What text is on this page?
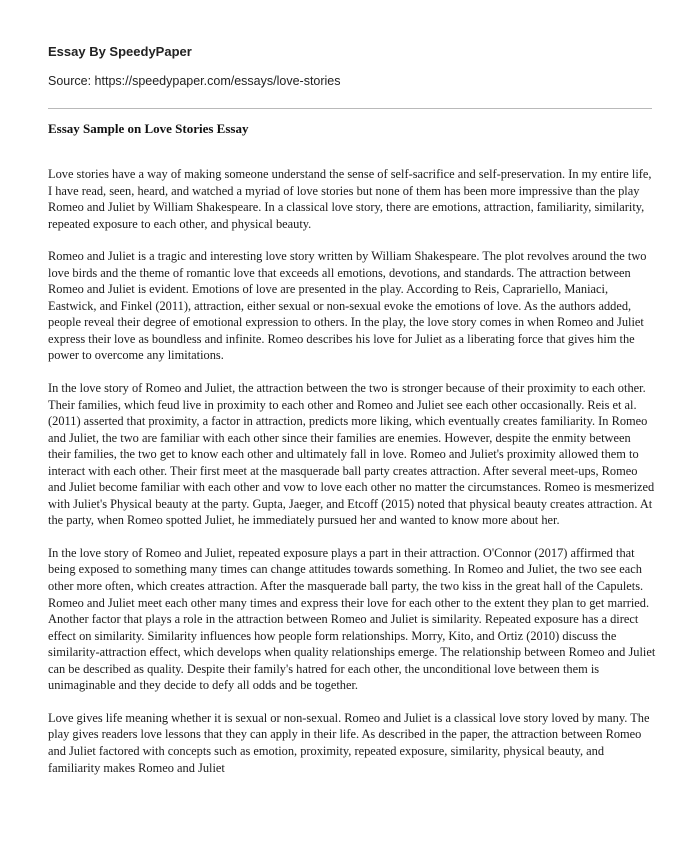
Essay By SpeedyPaper

Source: https://speedypaper.com/essays/love-stories

Essay Sample on Love Stories Essay

Love stories have a way of making someone understand the sense of self-sacrifice and self-preservation. In my entire life, I have read, seen, heard, and watched a myriad of love stories but none of them has been more impressive than the play Romeo and Juliet by William Shakespeare. In a classical love story, there are emotions, attraction, familiarity, similarity, repeated exposure to each other, and physical beauty.

Romeo and Juliet is a tragic and interesting love story written by William Shakespeare. The plot revolves around the two love birds and the theme of romantic love that exceeds all emotions, devotions, and standards. The attraction between Romeo and Juliet is evident. Emotions of love are presented in the play. According to Reis, Caprariello, Maniaci, Eastwick, and Finkel (2011), attraction, either sexual or non-sexual evoke the emotions of love. As the authors added, people reveal their degree of emotional expression to others. In the play, the love story comes in when Romeo and Juliet express their love as boundless and infinite. Romeo describes his love for Juliet as a liberating force that gives him the power to overcome any limitations.

In the love story of Romeo and Juliet, the attraction between the two is stronger because of their proximity to each other. Their families, which feud live in proximity to each other and Romeo and Juliet see each other occasionally. Reis et al. (2011) asserted that proximity, a factor in attraction, predicts more liking, which eventually creates familiarity. In Romeo and Juliet, the two are familiar with each other since their families are enemies. However, despite the enmity between their families, the two get to know each other and ultimately fall in love. Romeo and Juliet's proximity allowed them to interact with each other. Their first meet at the masquerade ball party creates attraction. After several meet-ups, Romeo and Juliet become familiar with each other and vow to love each other no matter the circumstances. Romeo is mesmerized with Juliet's Physical beauty at the party. Gupta, Jaeger, and Etcoff (2015) noted that physical beauty creates attraction. At the party, when Romeo spotted Juliet, he immediately pursued her and wanted to know more about her.

In the love story of Romeo and Juliet, repeated exposure plays a part in their attraction. O'Connor (2017) affirmed that being exposed to something many times can change attitudes towards something. In Romeo and Juliet, the two see each other more often, which creates attraction. After the masquerade ball party, the two kiss in the great hall of the Capulets. Romeo and Juliet meet each other many times and express their love for each other to the extent they plan to get married. Another factor that plays a role in the attraction between Romeo and Juliet is similarity. Repeated exposure has a direct effect on similarity. Similarity influences how people form relationships. Morry, Kito, and Ortiz (2010) discuss the similarity-attraction effect, which develops when quality relationships emerge. The relationship between Romeo and Juliet can be described as quality. Despite their family's hatred for each other, the unconditional love between them is unimaginable and they decide to defy all odds and be together.

Love gives life meaning whether it is sexual or non-sexual. Romeo and Juliet is a classical love story loved by many. The play gives readers love lessons that they can apply in their life. As described in the paper, the attraction between Romeo and Juliet factored with concepts such as emotion, proximity, repeated exposure, similarity, physical beauty, and familiarity makes Romeo and Juliet
